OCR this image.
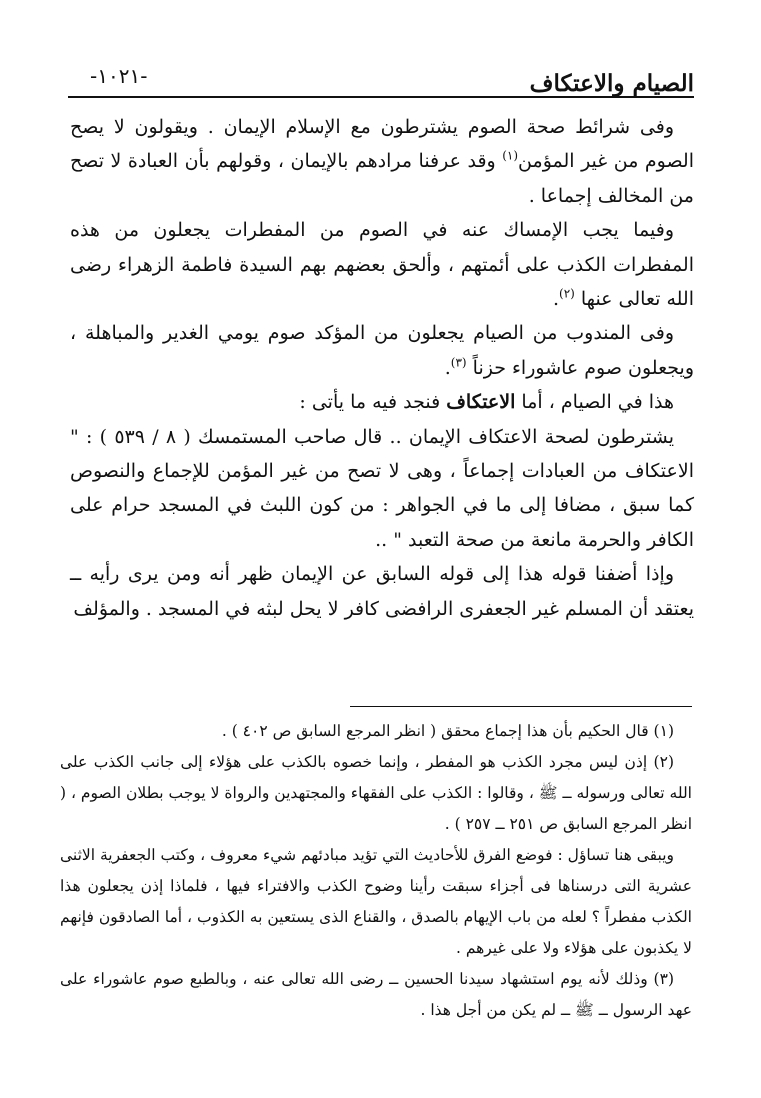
الصيام والاعتكاف
-١٠٢١-

وفى شرائط صحة الصوم يشترطون مع الإسلام الإيمان . ويقولون لا يصح الصوم من غير المؤمن$^{(١)}$ وقد عرفنا مرادهم بالإيمان ، وقولهم بأن العبادة لا تصح من المخالف إجماعا .

وفيما يجب الإمساك عنه في الصوم من المفطرات يجعلون من هذه المفطرات الكذب على أئمتهم ، وألحق بعضهم بهم السيدة فاطمة الزهراء رضى الله تعالى عنها $^{(٢)}$.

وفى المندوب من الصيام يجعلون من المؤكد صوم يومي الغدير والمباهلة ، ويجعلون صوم عاشوراء حزناً $^{(٣)}$.

هذا في الصيام ، أما الاعتكاف فنجد فيه ما يأتى :

يشترطون لصحة الاعتكاف الإيمان .. قال صاحب المستمسك ( ٨ / ٥٣٩ ) : " الاعتكاف من العبادات إجماعاً ، وهى لا تصح من غير المؤمن للإجماع والنصوص كما سبق ، مضافا إلى ما في الجواهر : من كون اللبث في المسجد حرام على الكافر والحرمة مانعة من صحة التعبد " ..

وإذا أضفنا قوله هذا إلى قوله السابق عن الإيمان ظهر أنه ومن يرى رأيه ــ يعتقد أن المسلم غير الجعفرى الرافضى كافر لا يحل لبثه في المسجد . والمؤلف

(١) قال الحكيم بأن هذا إجماع محقق ( انظر المرجع السابق ص ٤٠٢ ) .

(٢) إذن ليس مجرد الكذب هو المفطر ، وإنما خصوه بالكذب على هؤلاء إلى جانب الكذب على الله تعالى ورسوله ــ ﷺ ، وقالوا : الكذب على الفقهاء والمجتهدين والرواة لا يوجب بطلان الصوم ، ( انظر المرجع السابق ص ٢٥١ ــ ٢٥٧ ) .

ويبقى هنا تساؤل : فوضع الفرق للأحاديث التي تؤيد مبادئهم شيء معروف ، وكتب الجعفرية الاثنى عشرية التى درسناها فى أجزاء سبقت رأينا وضوح الكذب والافتراء فيها ، فلماذا إذن يجعلون هذا الكذب مفطراً ؟ لعله من باب الإيهام بالصدق ، والقناع الذى يستعين به الكذوب ، أما الصادقون فإنهم لا يكذبون على هؤلاء ولا على غيرهم .

(٣) وذلك لأنه يوم استشهاد سيدنا الحسين ــ رضى الله تعالى عنه ، وبالطبع صوم عاشوراء على عهد الرسول ــ ﷺ ــ لم يكن من أجل هذا .
